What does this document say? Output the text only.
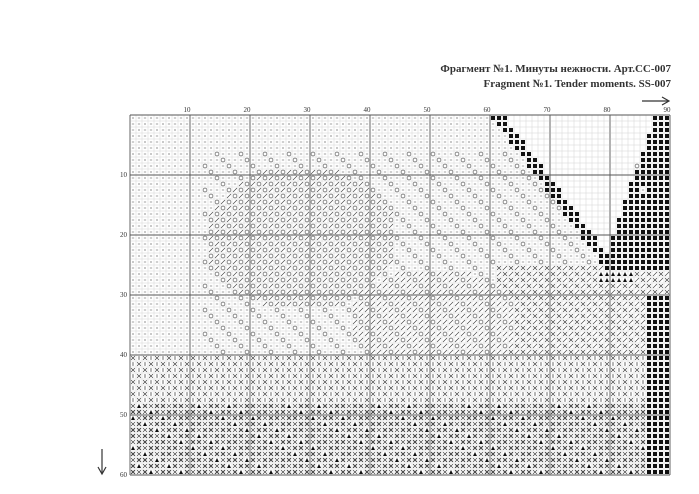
Фрагмент №1. Минуты нежности. Арт.СС-007
Fragment №1. Tender moments. SS-007
10	20	30	40	50	60	70	80	90
10
20
30
40
50
60
